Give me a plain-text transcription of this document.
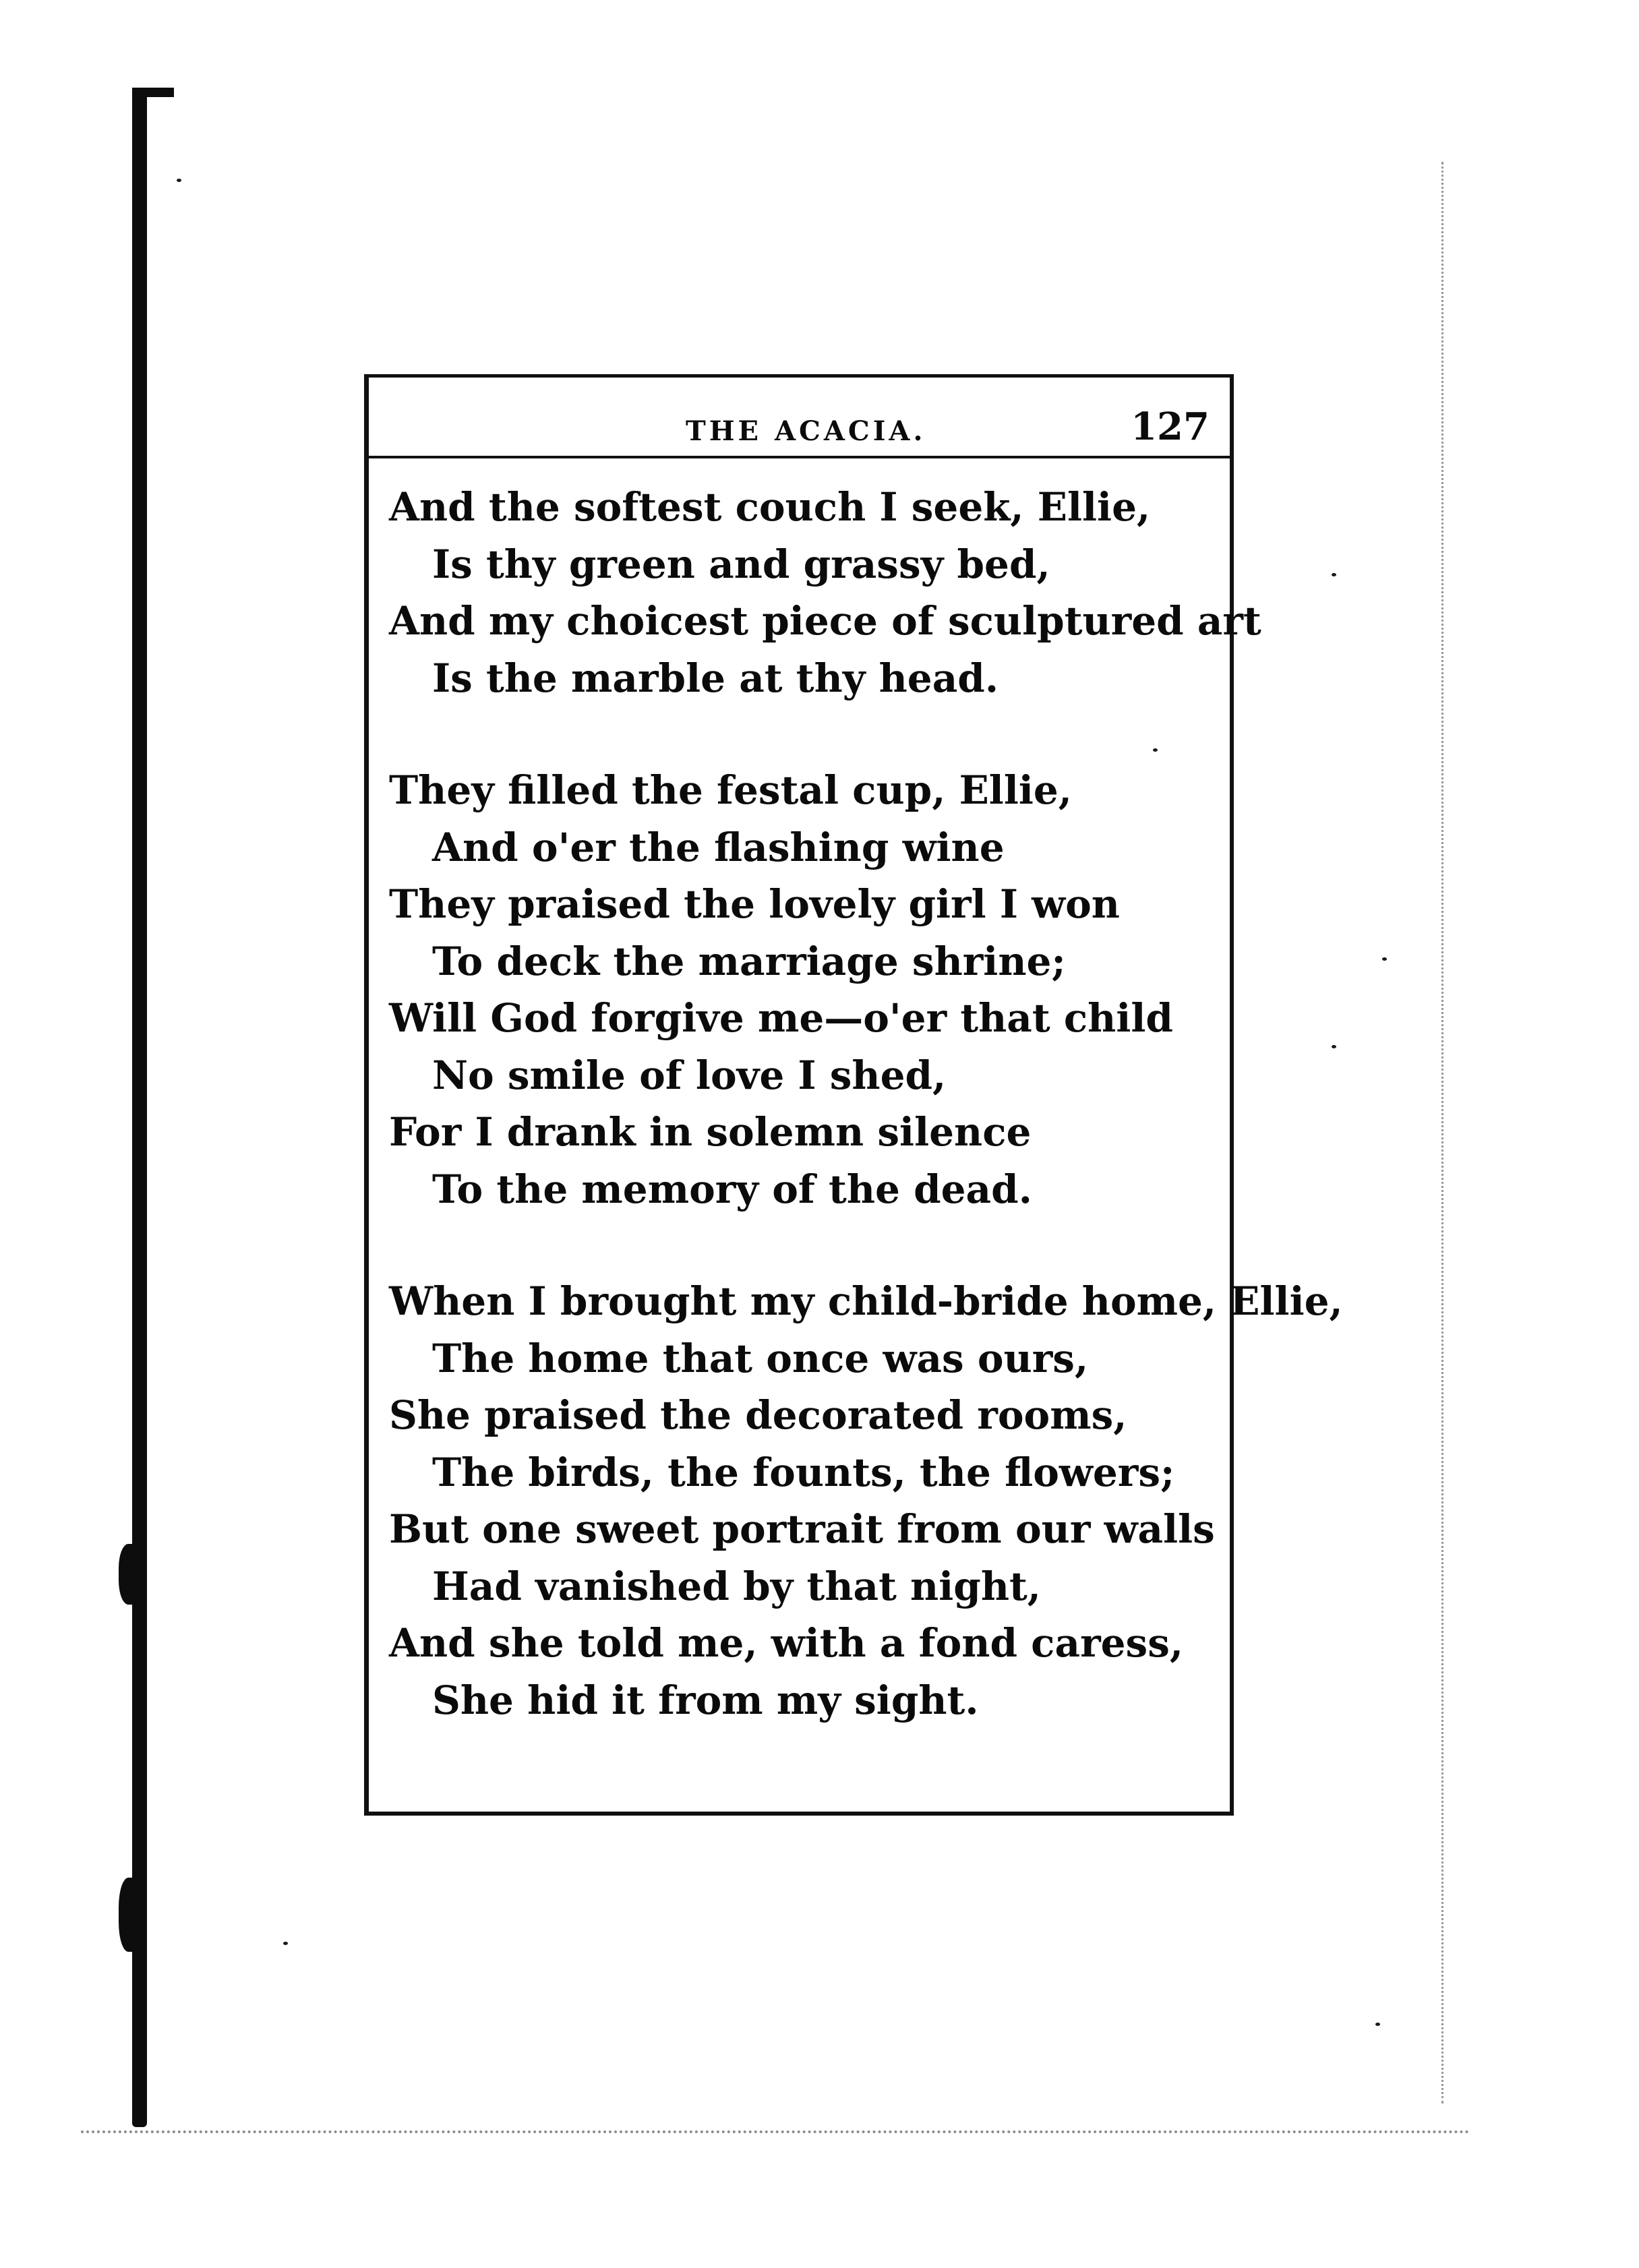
THE ACACIA.	127

And the softest couch I seek, Ellie,
Is thy green and grassy bed,
And my choicest piece of sculptured art
Is the marble at thy head.

They filled the festal cup, Ellie,
And o'er the flashing wine
They praised the lovely girl I won
To deck the marriage shrine;
Will God forgive me—o'er that child
No smile of love I shed,
For I drank in solemn silence
To the memory of the dead.

When I brought my child-bride home, Ellie,
The home that once was ours,
She praised the decorated rooms,
The birds, the founts, the flowers;
But one sweet portrait from our walls
Had vanished by that night,
And she told me, with a fond caress,
She hid it from my sight.
